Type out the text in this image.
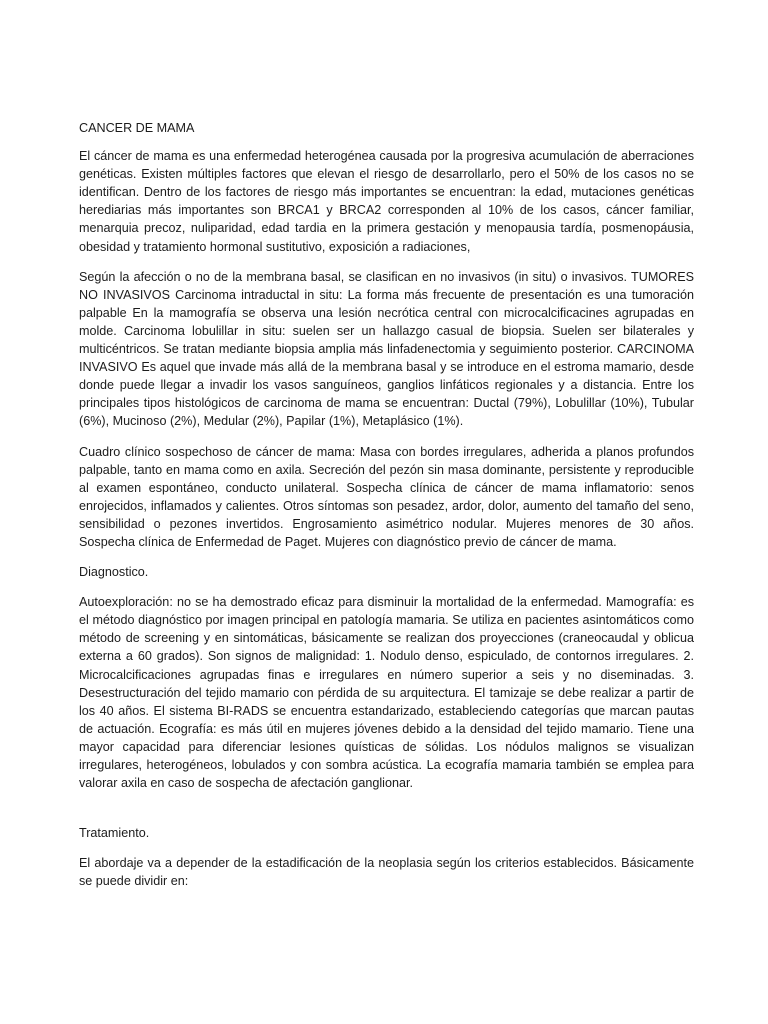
CANCER DE MAMA

El cáncer de mama es una enfermedad heterogénea causada por la progresiva acumulación de aberraciones genéticas. Existen múltiples factores que elevan el riesgo de desarrollarlo, pero el 50% de los casos no se identifican. Dentro de los factores de riesgo más importantes se encuentran: la edad, mutaciones genéticas herediarias más importantes son BRCA1 y BRCA2 corresponden al 10% de los casos, cáncer familiar, menarquia precoz, nuliparidad, edad tardia en la primera gestación y menopausia tardía, posmenopáusia, obesidad y tratamiento hormonal sustitutivo, exposición a radiaciones,

Según la afección o no de la membrana basal, se clasifican en no invasivos (in situ) o invasivos. TUMORES NO INVASIVOS Carcinoma intraductal in situ: La forma más frecuente de presentación es una tumoración palpable En la mamografía se observa una lesión necrótica central con microcalcificacines agrupadas en molde. Carcinoma lobulillar in situ: suelen ser un hallazgo casual de biopsia. Suelen ser bilaterales y multicéntricos. Se tratan mediante biopsia amplia más linfadenectomia y seguimiento posterior. CARCINOMA INVASIVO Es aquel que invade más allá de la membrana basal y se introduce en el estroma mamario, desde donde puede llegar a invadir los vasos sanguíneos, ganglios linfáticos regionales y a distancia. Entre los principales tipos histológicos de carcinoma de mama se encuentran: Ductal (79%), Lobulillar (10%), Tubular (6%), Mucinoso (2%), Medular (2%), Papilar (1%), Metaplásico (1%).

Cuadro clínico sospechoso de cáncer de mama: Masa con bordes irregulares, adherida a planos profundos palpable, tanto en mama como en axila. Secreción del pezón sin masa dominante, persistente y reproducible al examen espontáneo, conducto unilateral. Sospecha clínica de cáncer de mama inflamatorio: senos enrojecidos, inflamados y calientes. Otros síntomas son pesadez, ardor, dolor, aumento del tamaño del seno, sensibilidad o pezones invertidos. Engrosamiento asimétrico nodular. Mujeres menores de 30 años. Sospecha clínica de Enfermedad de Paget. Mujeres con diagnóstico previo de cáncer de mama.

Diagnostico.

Autoexploración: no se ha demostrado eficaz para disminuir la mortalidad de la enfermedad. Mamografía: es el método diagnóstico por imagen principal en patología mamaria. Se utiliza en pacientes asintomáticos como método de screening y en sintomáticas, básicamente se realizan dos proyecciones (craneocaudal y oblicua externa a 60 grados). Son signos de malignidad: 1. Nodulo denso, espiculado, de contornos irregulares. 2. Microcalcificaciones agrupadas finas e irregulares en número superior a seis y no diseminadas. 3. Desestructuración del tejido mamario con pérdida de su arquitectura. El tamizaje se debe realizar a partir de los 40 años. El sistema BI-RADS se encuentra estandarizado, estableciendo categorías que marcan pautas de actuación. Ecografía: es más útil en mujeres jóvenes debido a la densidad del tejido mamario. Tiene una mayor capacidad para diferenciar lesiones quísticas de sólidas. Los nódulos malignos se visualizan irregulares, heterogéneos, lobulados y con sombra acústica. La ecografía mamaria también se emplea para valorar axila en caso de sospecha de afectación ganglionar.

Tratamiento.

El abordaje va a depender de la estadificación de la neoplasia según los criterios establecidos. Básicamente se puede dividir en:
